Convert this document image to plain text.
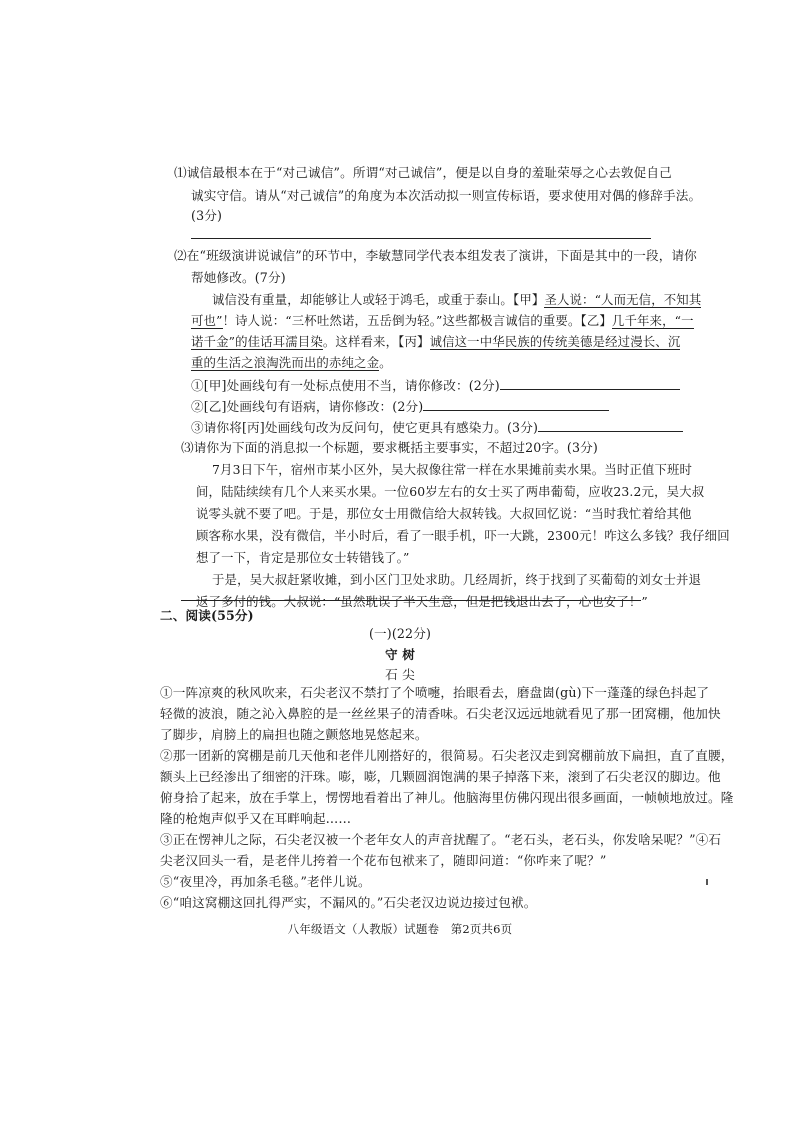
⑴诚信最根本在于“对己诚信”。所谓“对己诚信”，便是以自身的羞耻荣辱之心去敦促自己
诚实守信。请从“对己诚信”的角度为本次活动拟一则宣传标语，要求使用对偶的修辞手法。
(3分)
⑵在“班级演讲说诚信”的环节中，李敏慧同学代表本组发表了演讲，下面是其中的一段，请你
帮她修改。(7分)
诚信没有重量，却能够让人或轻于鸿毛，或重于泰山。【甲】圣人说：“人而无信，不知其
可也”！诗人说：“三杯吐然诺，五岳倒为轻。”这些都极言诚信的重要。【乙】几千年来，“一
诺千金”的佳话耳濡目染。这样看来，【丙】诚信这一中华民族的传统美德是经过漫长、沉
重的生活之浪淘洗而出的赤纯之金。
①[甲]处画线句有一处标点使用不当，请你修改：(2分)
②[乙]处画线句有语病，请你修改：(2分)
③请你将[丙]处画线句改为反问句，使它更具有感染力。(3分)
⑶请你为下面的消息拟一个标题，要求概括主要事实，不超过20字。(3分)
7月3日下午，宿州市某小区外，吴大叔像往常一样在水果摊前卖水果。当时正值下班时
间，陆陆续续有几个人来买水果。一位60岁左右的女士买了两串葡萄，应收23.2元，吴大叔
说零头就不要了吧。于是，那位女士用微信给大叔转钱。大叔回忆说：“当时我忙着给其他
顾客称水果，没有微信，半小时后，看了一眼手机，吓一大跳，2300元！咋这么多钱？我仔细回
想了一下，肯定是那位女士转错钱了。”
于是，吴大叔赶紧收摊，到小区门卫处求助。几经周折，终于找到了买葡萄的刘女士并退
返了多付的钱。大叔说：“虽然耽误了半天生意，但是把钱退出去了，心也安了！”
二、阅读(55分)
(一)(22分)
守 树
石 尖
①一阵凉爽的秋风吹来，石尖老汉不禁打了个喷嚏，抬眼看去，磨盘崮(gù)下一蓬蓬的绿色抖起了
轻微的波浪，随之沁入鼻腔的是一丝丝果子的清香味。石尖老汉远远地就看见了那一团窝棚，他加快
了脚步，肩膀上的扁担也随之颤悠地晃悠起来。
②那一团新的窝棚是前几天他和老伴儿刚搭好的，很简易。石尖老汉走到窝棚前放下扁担，直了直腰，
额头上已经渗出了细密的汗珠。嘭，嘭，几颗圆润饱满的果子掉落下来，滚到了石尖老汉的脚边。他
俯身拾了起来，放在手掌上，愣愣地看着出了神儿。他脑海里仿佛闪现出很多画面，一帧帧地放过。隆
隆的枪炮声似乎又在耳畔响起……
③正在愣神儿之际，石尖老汉被一个老年女人的声音扰醒了。“老石头，老石头，你发啥呆呢？”④石
尖老汉回头一看，是老伴儿挎着一个花布包袱来了，随即问道：“你咋来了呢？”
⑤“夜里冷，再加条毛毯。”老伴儿说。
⑥“咱这窝棚这回扎得严实，不漏风的。”石尖老汉边说边接过包袱。
八年级语文（人教版）试题卷　第2页共6页
